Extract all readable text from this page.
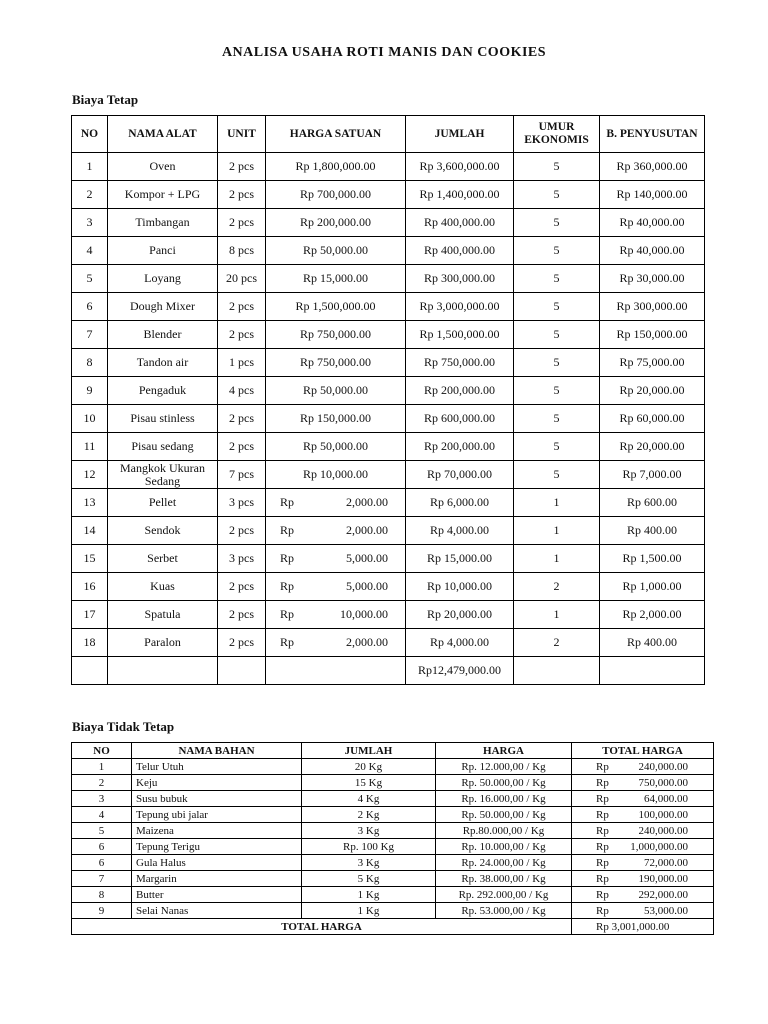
ANALISA USAHA ROTI MANIS DAN COOKIES
Biaya Tetap
NO	NAMA ALAT	UNIT	HARGA SATUAN	JUMLAH	UMUR EKONOMIS	B. PENYUSUTAN
1	Oven	2 pcs	Rp 1,800,000.00	Rp 3,600,000.00	5	Rp 360,000.00
2	Kompor + LPG	2 pcs	Rp 700,000.00	Rp 1,400,000.00	5	Rp 140,000.00
3	Timbangan	2 pcs	Rp 200,000.00	Rp 400,000.00	5	Rp 40,000.00
4	Panci	8 pcs	Rp 50,000.00	Rp 400,000.00	5	Rp 40,000.00
5	Loyang	20 pcs	Rp 15,000.00	Rp 300,000.00	5	Rp 30,000.00
6	Dough Mixer	2 pcs	Rp 1,500,000.00	Rp 3,000,000.00	5	Rp 300,000.00
7	Blender	2 pcs	Rp 750,000.00	Rp 1,500,000.00	5	Rp 150,000.00
8	Tandon air	1 pcs	Rp 750,000.00	Rp 750,000.00	5	Rp 75,000.00
9	Pengaduk	4 pcs	Rp 50,000.00	Rp 200,000.00	5	Rp 20,000.00
10	Pisau stinless	2 pcs	Rp 150,000.00	Rp 600,000.00	5	Rp 60,000.00
11	Pisau sedang	2 pcs	Rp 50,000.00	Rp 200,000.00	5	Rp 20,000.00
12	Mangkok Ukuran Sedang	7 pcs	Rp 10,000.00	Rp 70,000.00	5	Rp 7,000.00
13	Pellet	3 pcs	Rp 2,000.00	Rp 6,000.00	1	Rp 600.00
14	Sendok	2 pcs	Rp 2,000.00	Rp 4,000.00	1	Rp 400.00
15	Serbet	3 pcs	Rp 5,000.00	Rp 15,000.00	1	Rp 1,500.00
16	Kuas	2 pcs	Rp 5,000.00	Rp 10,000.00	2	Rp 1,000.00
17	Spatula	2 pcs	Rp 10,000.00	Rp 20,000.00	1	Rp 2,000.00
18	Paralon	2 pcs	Rp 2,000.00	Rp 4,000.00	2	Rp 400.00
				Rp12,479,000.00		
Biaya Tidak Tetap
NO	NAMA BAHAN	JUMLAH	HARGA	TOTAL HARGA
1	Telur Utuh	20 Kg	Rp. 12.000,00 / Kg	Rp 240,000.00
2	Keju	15 Kg	Rp. 50.000,00 / Kg	Rp 750,000.00
3	Susu bubuk	4 Kg	Rp. 16.000,00 / Kg	Rp 64,000.00
4	Tepung ubi jalar	2 Kg	Rp. 50.000,00 / Kg	Rp 100,000.00
5	Maizena	3 Kg	Rp.80.000,00 / Kg	Rp 240,000.00
6	Tepung Terigu	Rp. 100 Kg	Rp. 10.000,00 / Kg	Rp 1,000,000.00
6	Gula Halus	3 Kg	Rp. 24.000,00 / Kg	Rp 72,000.00
7	Margarin	5 Kg	Rp. 38.000,00 / Kg	Rp 190,000.00
8	Butter	1 Kg	Rp. 292.000,00 / Kg	Rp 292,000.00
9	Selai Nanas	1 Kg	Rp. 53.000,00 / Kg	Rp 53,000.00
TOTAL HARGA				Rp 3,001,000.00
